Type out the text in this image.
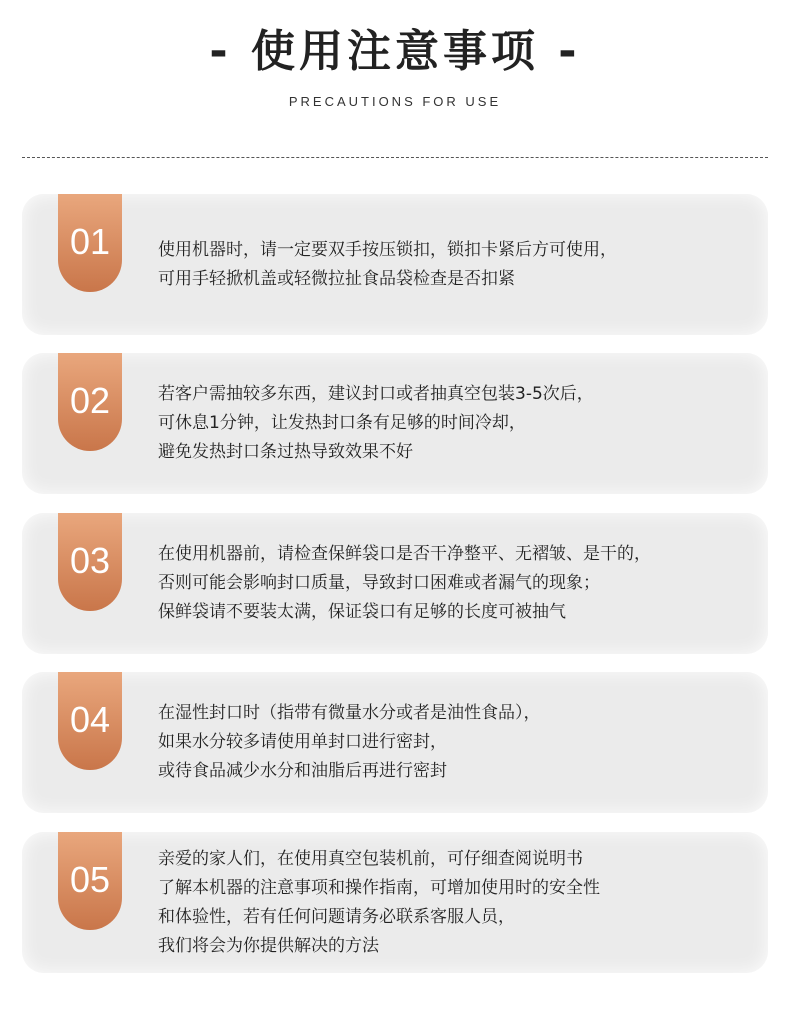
- 使用注意事项 -
PRECAUTIONS FOR USE
01	使用机器时，请一定要双手按压锁扣，锁扣卡紧后方可使用，
可用手轻掀机盖或轻微拉扯食品袋检查是否扣紧
02	若客户需抽较多东西，建议封口或者抽真空包装3-5次后，
可休息1分钟，让发热封口条有足够的时间冷却，
避免发热封口条过热导致效果不好
03	在使用机器前，请检查保鲜袋口是否干净整平、无褶皱、是干的，
否则可能会影响封口质量，导致封口困难或者漏气的现象；
保鲜袋请不要装太满，保证袋口有足够的长度可被抽气
04	在湿性封口时（指带有微量水分或者是油性食品），
如果水分较多请使用单封口进行密封，
或待食品减少水分和油脂后再进行密封
05
亲爱的家人们，在使用真空包装机前，可仔细查阅说明书
了解本机器的注意事项和操作指南，可增加使用时的安全性
和体验性，若有任何问题请务必联系客服人员，
我们将会为你提供解决的方法
